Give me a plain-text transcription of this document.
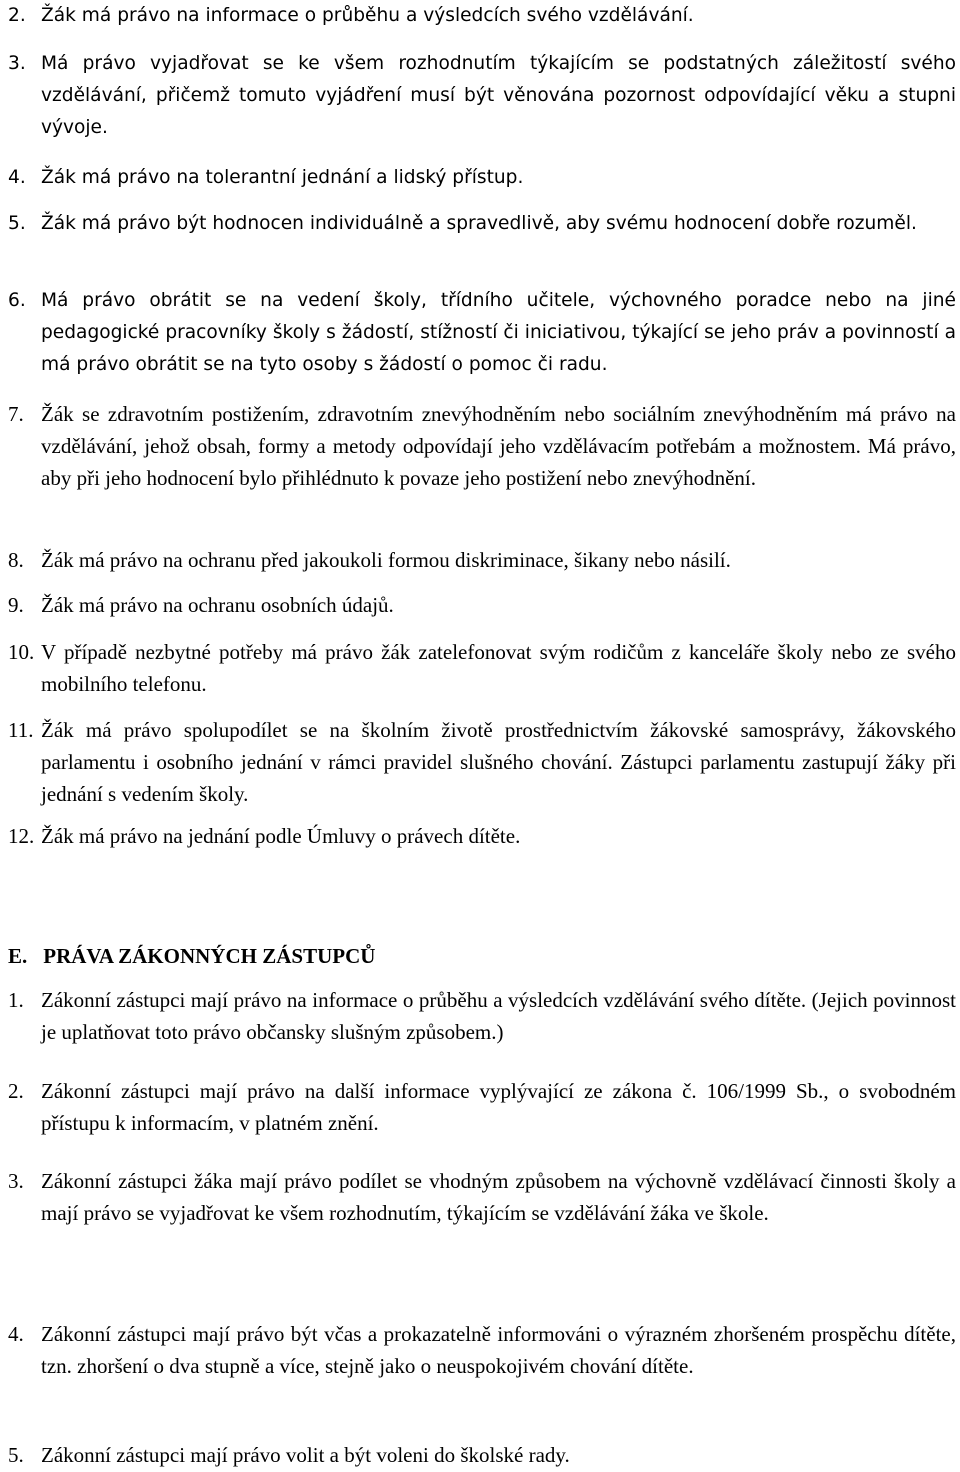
2. Žák má právo na informace o průběhu a výsledcích svého vzdělávání.
3. Má právo vyjadřovat se ke všem rozhodnutím týkajícím se podstatných záležitostí svého vzdělávání, přičemž tomuto vyjádření musí být věnována pozornost odpovídající věku a stupni vývoje.
4. Žák má právo na tolerantní jednání a lidský přístup.
5. Žák má právo být hodnocen individuálně a spravedlivě, aby svému hodnocení dobře rozuměl.
6. Má právo obrátit se na vedení školy, třídního učitele, výchovného poradce nebo na jiné pedagogické pracovníky školy s žádostí, stížností či iniciativou, týkající se jeho práv a povinností a má právo obrátit se na tyto osoby s žádostí o pomoc či radu.
7. Žák se zdravotním postižením, zdravotním znevýhodněním nebo sociálním znevýhodněním má právo na vzdělávání, jehož obsah, formy a metody odpovídají jeho vzdělávacím potřebám a možnostem. Má právo, aby při jeho hodnocení bylo přihlédnuto k povaze jeho postižení nebo znevýhodnění.
8. Žák má právo na ochranu před jakoukoli formou diskriminace, šikany nebo násilí.
9. Žák má právo na ochranu osobních údajů.
10. V případě nezbytné potřeby má právo žák zatelefonovat svým rodičům z kanceláře školy nebo ze svého mobilního telefonu.
11. Žák má právo spolupodílet se na školním životě prostřednictvím žákovské samosprávy, žákovského parlamentu i osobního jednání v rámci pravidel slušného chování. Zástupci parlamentu zastupují žáky při jednání s vedením školy.
12. Žák má právo na jednání podle Úmluvy o právech dítěte.
E. PRÁVA ZÁKONNÝCH ZÁSTUPCŮ
1. Zákonní zástupci mají právo na informace o průběhu a výsledcích vzdělávání svého dítěte. (Jejich povinnost je uplatňovat toto právo občansky slušným způsobem.)
2. Zákonní zástupci mají právo na další informace vyplývající ze zákona č. 106/1999 Sb., o svobodném přístupu k informacím, v platném znění.
3. Zákonní zástupci žáka mají právo podílet se vhodným způsobem na výchovně vzdělávací činnosti školy a mají právo se vyjadřovat ke všem rozhodnutím, týkajícím se vzdělávání žáka ve škole.
4. Zákonní zástupci mají právo být včas a prokazatelně informováni o výrazném zhoršeném prospěchu dítěte, tzn. zhoršení o dva stupně a více, stejně jako o neuspokojivém chování dítěte.
5. Zákonní zástupci mají právo volit a být voleni do školské rady.
